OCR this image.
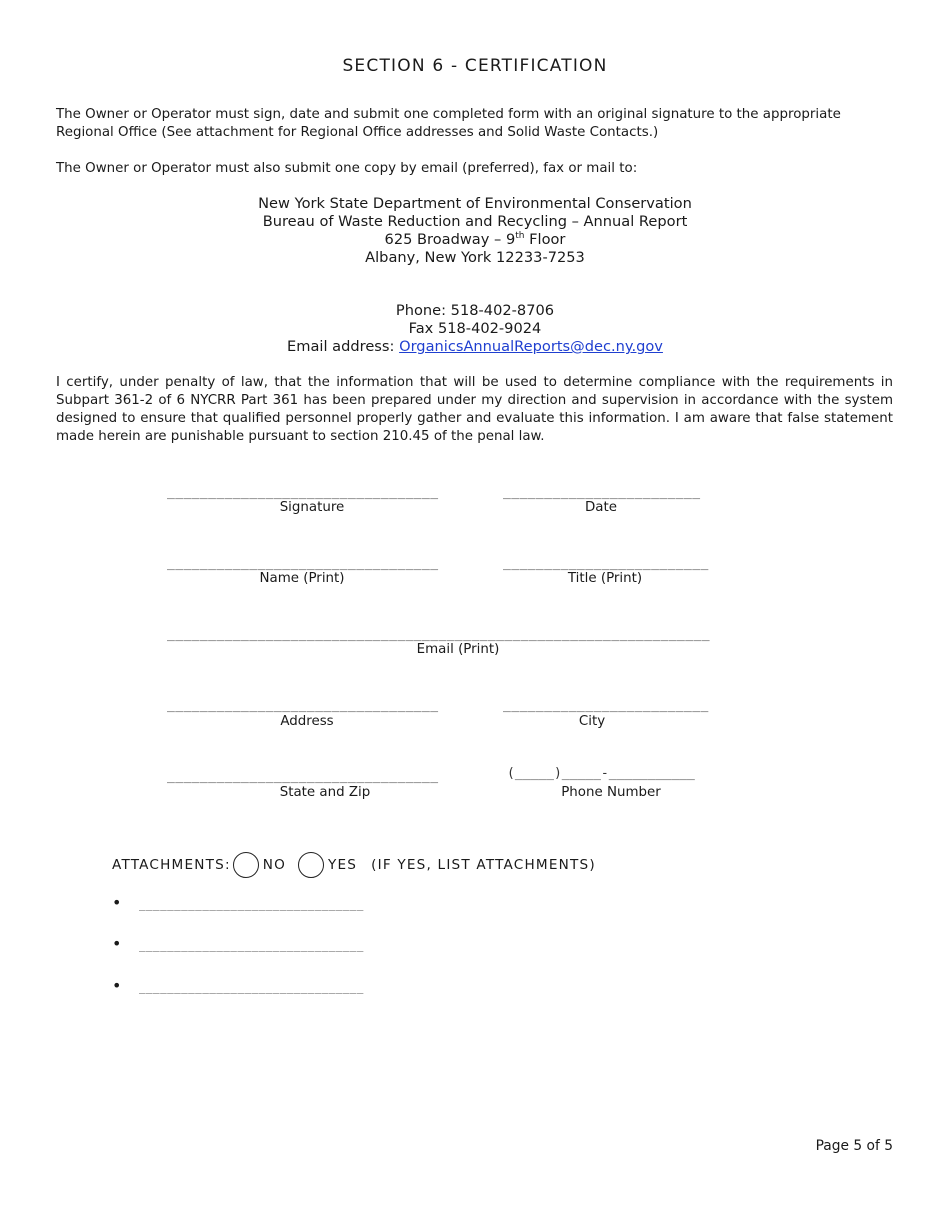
SECTION 6 - CERTIFICATION
The Owner or Operator must sign, date and submit one completed form with an original signature to the appropriate Regional Office (See attachment for Regional Office addresses and Solid Waste Contacts.)
The Owner or Operator must also submit one copy by email (preferred), fax or mail to:
New York State Department of Environmental Conservation
Bureau of Waste Reduction and Recycling – Annual Report
625 Broadway – 9th Floor
Albany, New York 12233-7253
Phone: 518-402-8706
Fax 518-402-9024
Email address: OrganicsAnnualReports@dec.ny.gov
I certify, under penalty of law, that the information that will be used to determine compliance with the requirements in Subpart 361-2 of 6 NYCRR Part 361 has been prepared under my direction and supervision in accordance with the system designed to ensure that qualified personnel properly gather and evaluate this information. I am aware that false statement made herein are punishable pursuant to section 210.45 of the penal law.
_________________________________
Signature
________________________
Date
_________________________________
Name (Print)
_________________________
Title (Print)
__________________________________________________________________
Email (Print)
_________________________________
Address
_________________________
City
_________________________________
State and Zip
(_____)_____-___________
Phone Number
ATTACHMENTS: NO	YES (IF YES, LIST ATTACHMENTS)
• ________________________________
• ________________________________
• ________________________________
Page 5 of 5
